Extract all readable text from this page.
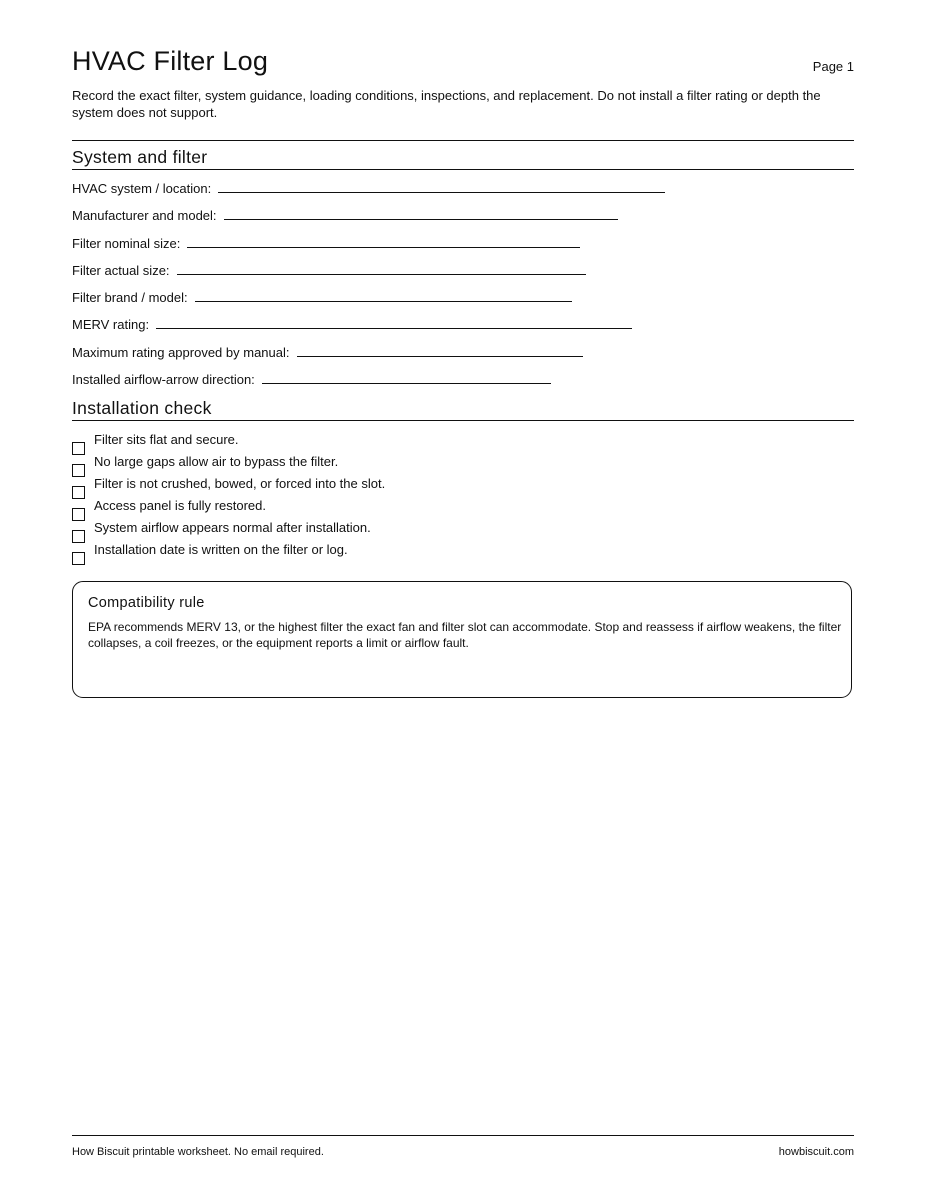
HVAC Filter Log	Page 1
Record the exact filter, system guidance, loading conditions, inspections, and replacement. Do not install a filter rating or depth the system does not support.
System and filter
HVAC system / location:
Manufacturer and model:
Filter nominal size:
Filter actual size:
Filter brand / model:
MERV rating:
Maximum rating approved by manual:
Installed airflow-arrow direction:
Installation check
Filter sits flat and secure.
No large gaps allow air to bypass the filter.
Filter is not crushed, bowed, or forced into the slot.
Access panel is fully restored.
System airflow appears normal after installation.
Installation date is written on the filter or log.
Compatibility rule
EPA recommends MERV 13, or the highest filter the exact fan and filter slot can accommodate. Stop and reassess if airflow weakens, the filter collapses, a coil freezes, or the equipment reports a limit or airflow fault.
How Biscuit printable worksheet. No email required.	howbiscuit.com
